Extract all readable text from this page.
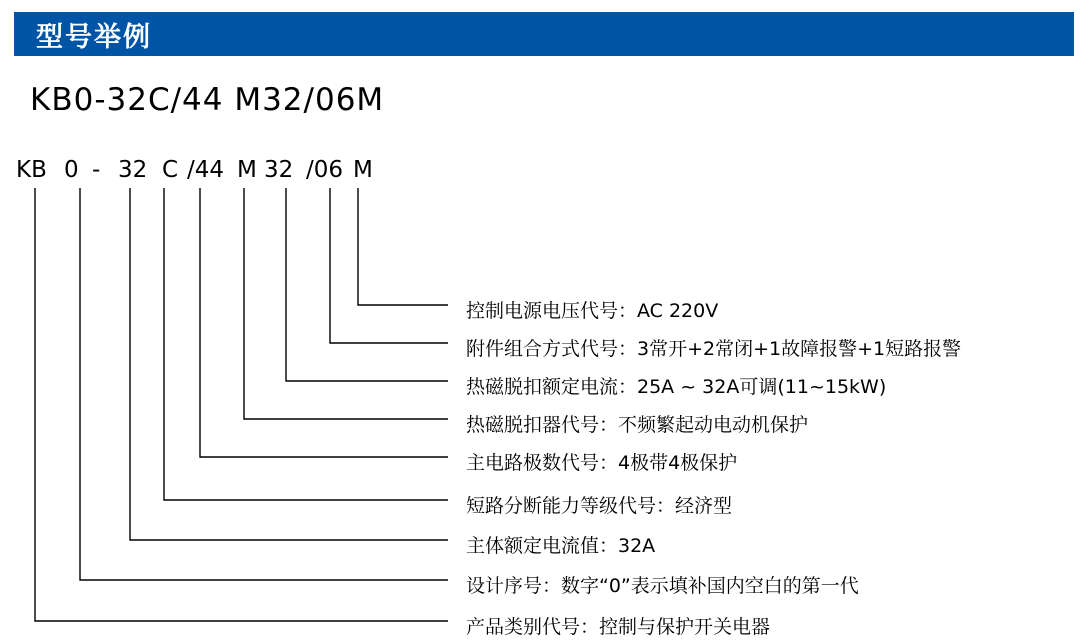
型号举例
KB0-32C/44 M32/06M
KB 0 - 32 C /44 M 32 /06 M
控制电源电压代号：AC 220V
附件组合方式代号：3常开+2常闭+1故障报警+1短路报警
热磁脱扣额定电流：25A ~ 32A可调(11~15kW)
热磁脱扣器代号：不频繁起动电动机保护
主电路极数代号：4极带4极保护
短路分断能力等级代号：经济型
主体额定电流值：32A
设计序号：数字“0”表示填补国内空白的第一代
产品类别代号：控制与保护开关电器
